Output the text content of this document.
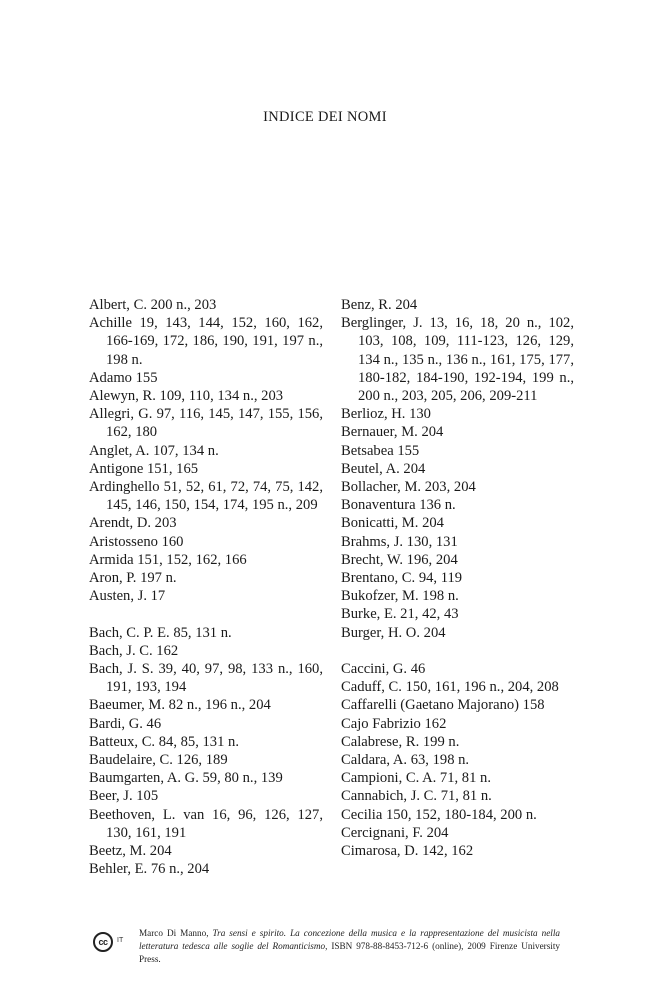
INDICE DEI NOMI
Albert, C. 200 n., 203
Achille 19, 143, 144, 152, 160, 162, 166-169, 172, 186, 190, 191, 197 n., 198 n.
Adamo 155
Alewyn, R. 109, 110, 134 n., 203
Allegri, G. 97, 116, 145, 147, 155, 156, 162, 180
Anglet, A. 107, 134 n.
Antigone 151, 165
Ardinghello 51, 52, 61, 72, 74, 75, 142, 145, 146, 150, 154, 174, 195 n., 209
Arendt, D. 203
Aristosseno 160
Armida 151, 152, 162, 166
Aron, P. 197 n.
Austen, J. 17
Bach, C. P. E. 85, 131 n.
Bach, J. C. 162
Bach, J. S. 39, 40, 97, 98, 133 n., 160, 191, 193, 194
Baeumer, M. 82 n., 196 n., 204
Bardi, G. 46
Batteux, C. 84, 85, 131 n.
Baudelaire, C. 126, 189
Baumgarten, A. G. 59, 80 n., 139
Beer, J. 105
Beethoven, L. van 16, 96, 126, 127, 130, 161, 191
Beetz, M. 204
Behler, E. 76 n., 204
Benz, R. 204
Berglinger, J. 13, 16, 18, 20 n., 102, 103, 108, 109, 111-123, 126, 129, 134 n., 135 n., 136 n., 161, 175, 177, 180-182, 184-190, 192-194, 199 n., 200 n., 203, 205, 206, 209-211
Berlioz, H. 130
Bernauer, M. 204
Betsabea 155
Beutel, A. 204
Bollacher, M. 203, 204
Bonaventura 136 n.
Bonicatti, M. 204
Brahms, J. 130, 131
Brecht, W. 196, 204
Brentano, C. 94, 119
Bukofzer, M. 198 n.
Burke, E. 21, 42, 43
Burger, H. O. 204
Caccini, G. 46
Caduff, C. 150, 161, 196 n., 204, 208
Caffarelli (Gaetano Majorano) 158
Cajo Fabrizio 162
Calabrese, R. 199 n.
Caldara, A. 63, 198 n.
Campioni, C. A. 71, 81 n.
Cannabich, J. C. 71, 81 n.
Cecilia 150, 152, 180-184, 200 n.
Cercignani, F. 204
Cimarosa, D. 142, 162
cc	IT
Marco Di Manno, Tra sensi e spirito. La concezione della musica e la rappresentazione del musicista nella letteratura tedesca alle soglie del Romanticismo, ISBN 978-88-8453-712-6 (online), 2009 Firenze University Press.
